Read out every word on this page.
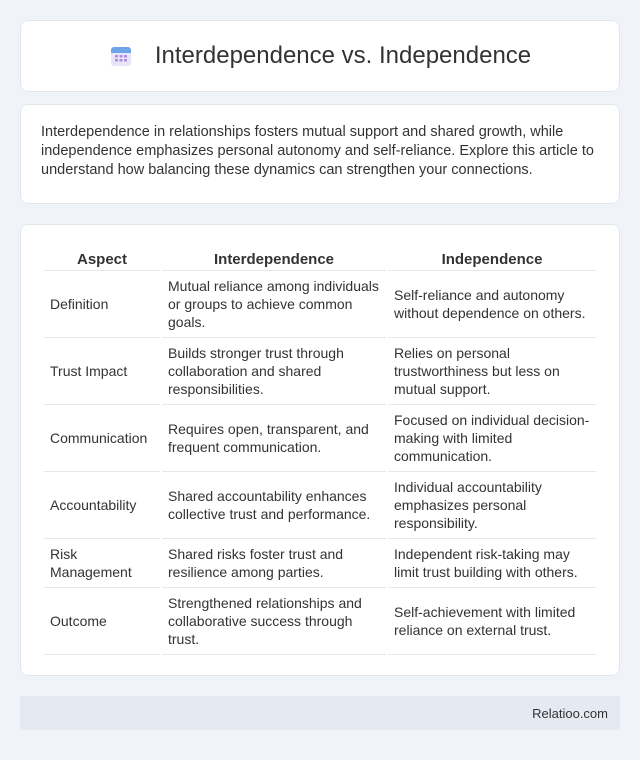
Interdependence vs. Independence

Interdependence in relationships fosters mutual support and shared growth, while independence emphasizes personal autonomy and self-reliance. Explore this article to understand how balancing these dynamics can strengthen your connections.

Aspect	Interdependence	Independence
Definition	Mutual reliance among individuals or groups to achieve common goals.	Self-reliance and autonomy without dependence on others.
Trust Impact	Builds stronger trust through collaboration and shared responsibilities.	Relies on personal trustworthiness but less on mutual support.
Communication	Requires open, transparent, and frequent communication.	Focused on individual decision-making with limited communication.
Accountability	Shared accountability enhances collective trust and performance.	Individual accountability emphasizes personal responsibility.
Risk Management	Shared risks foster trust and resilience among parties.	Independent risk-taking may limit trust building with others.
Outcome	Strengthened relationships and collaborative success through trust.	Self-achievement with limited reliance on external trust.
Relatioo.com
